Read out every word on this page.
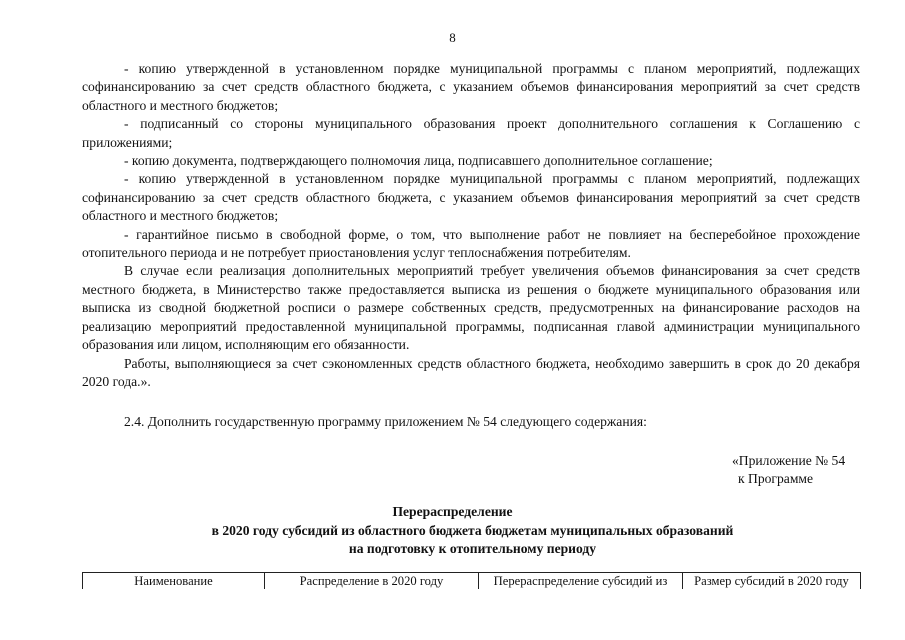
8

- копию утвержденной в установленном порядке муниципальной программы с планом мероприятий, подлежащих софинансированию за счет средств областного бюджета, с указанием объемов финансирования мероприятий за счет средств областного и местного бюджетов;

- подписанный со стороны муниципального образования проект дополнительного соглашения к Соглашению с приложениями;

- копию документа, подтверждающего полномочия лица, подписавшего дополнительное соглашение;

- копию утвержденной в установленном порядке муниципальной программы с планом мероприятий, подлежащих софинансированию за счет средств областного бюджета, с указанием объемов финансирования мероприятий за счет средств областного и местного бюджетов;

- гарантийное письмо в свободной форме, о том, что выполнение работ не повлияет на бесперебойное прохождение отопительного периода и не потребует приостановления услуг теплоснабжения потребителям.

В случае если реализация дополнительных мероприятий требует увеличения объемов финансирования за счет средств местного бюджета, в Министерство также предоставляется выписка из решения о бюджете муниципального образования или выписка из сводной бюджетной росписи о размере собственных средств, предусмотренных на финансирование расходов на реализацию мероприятий предоставленной муниципальной программы, подписанная главой администрации муниципального образования или лицом, исполняющим его обязанности.

Работы, выполняющиеся за счет сэкономленных средств областного бюджета, необходимо завершить в срок до 20 декабря 2020 года.».

2.4. Дополнить государственную программу приложением № 54 следующего содержания:
«Приложение № 54
к Программе
Перераспределение
в 2020 году субсидий из областного бюджета бюджетам муниципальных образований
на подготовку к отопительному периоду
Наименование	Распределение в 2020 году	Перераспределение субсидий из	Размер субсидий в 2020 году
